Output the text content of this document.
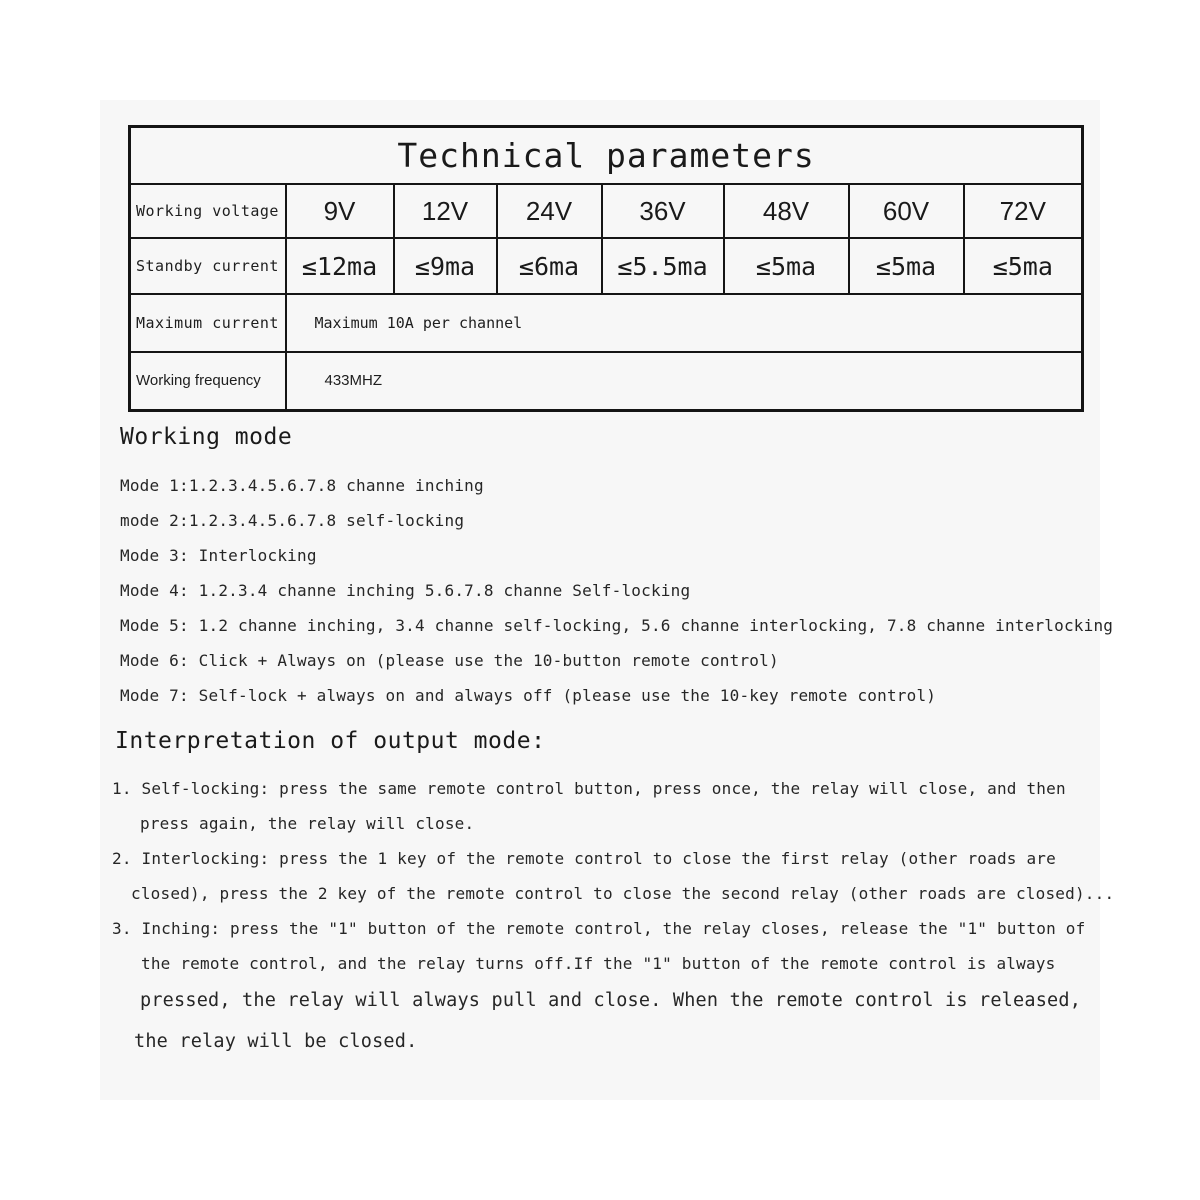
Technical parameters							
Working voltage	9V	12V	24V	36V	48V	60V	72V
Standby current	≤12ma	≤9ma	≤6ma	≤5.5ma	≤5ma	≤5ma	≤5ma
Maximum current	Maximum 10A per channel						
Working frequency	433MHZ						
Working mode
Mode 1:1.2.3.4.5.6.7.8 channe inching
mode 2:1.2.3.4.5.6.7.8 self-locking
Mode 3: Interlocking
Mode 4: 1.2.3.4 channe inching 5.6.7.8 channe Self-locking
Mode 5: 1.2 channe inching, 3.4 channe self-locking, 5.6 channe interlocking, 7.8 channe interlocking
Mode 6: Click + Always on (please use the 10-button remote control)
Mode 7: Self-lock + always on and always off (please use the 10-key remote control)
Interpretation of output mode:
1. Self-locking: press the same remote control button, press once, the relay will close, and then
press again, the relay will close.
2. Interlocking: press the 1 key of the remote control to close the first relay (other roads are
closed), press the 2 key of the remote control to close the second relay (other roads are closed)...
3. Inching: press the "1" button of the remote control, the relay closes, release the "1" button of
the remote control, and the relay turns off.If the "1" button of the remote control is always
pressed, the relay will always pull and close. When the remote control is released,
the relay will be closed.
